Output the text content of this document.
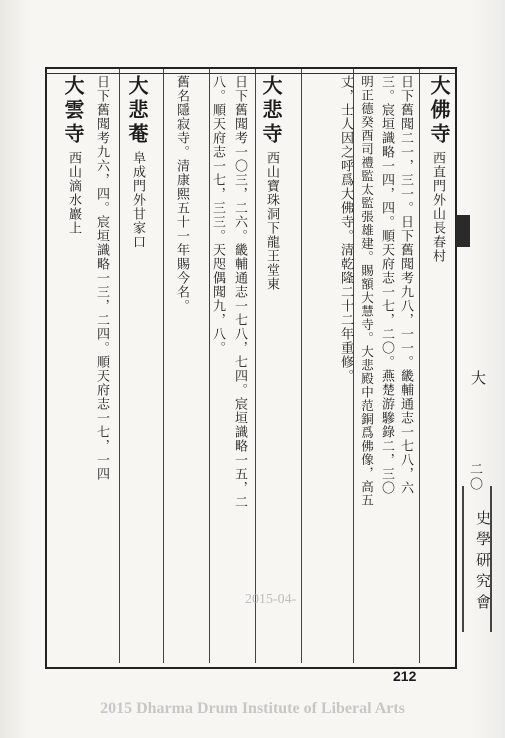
大佛寺
西直門外山長春村
日下舊聞二一，三一。日下舊聞考九八，一一。畿輔通志一七八，六
三。宸垣識略一四，四。順天府志一七，二〇。燕楚游驂錄二，三〇
明正德癸酉司禮監太監張雄建。賜額大慧寺。大悲殿中范銅爲佛像，高五
丈，士人因之呼爲大佛寺。清乾隆二十二年重修。
大悲寺
西山寶珠洞下龍王堂東
日下舊聞考一〇三，二六。畿輔通志一七八，七四。宸垣識略一五，二
八。順天府志一七，三三。天咫偶聞九，八。
舊名隱寂寺。清康熙五十一年賜今名。
大悲菴
阜成門外甘家口
大雲寺
西山滴水巖上 日下舊聞考九六，四。宸垣識略一三，二四。順天府志一七，一四	大
二〇
史學研究會
2015-04-
212
2015 Dharma Drum Institute of Liberal Arts
